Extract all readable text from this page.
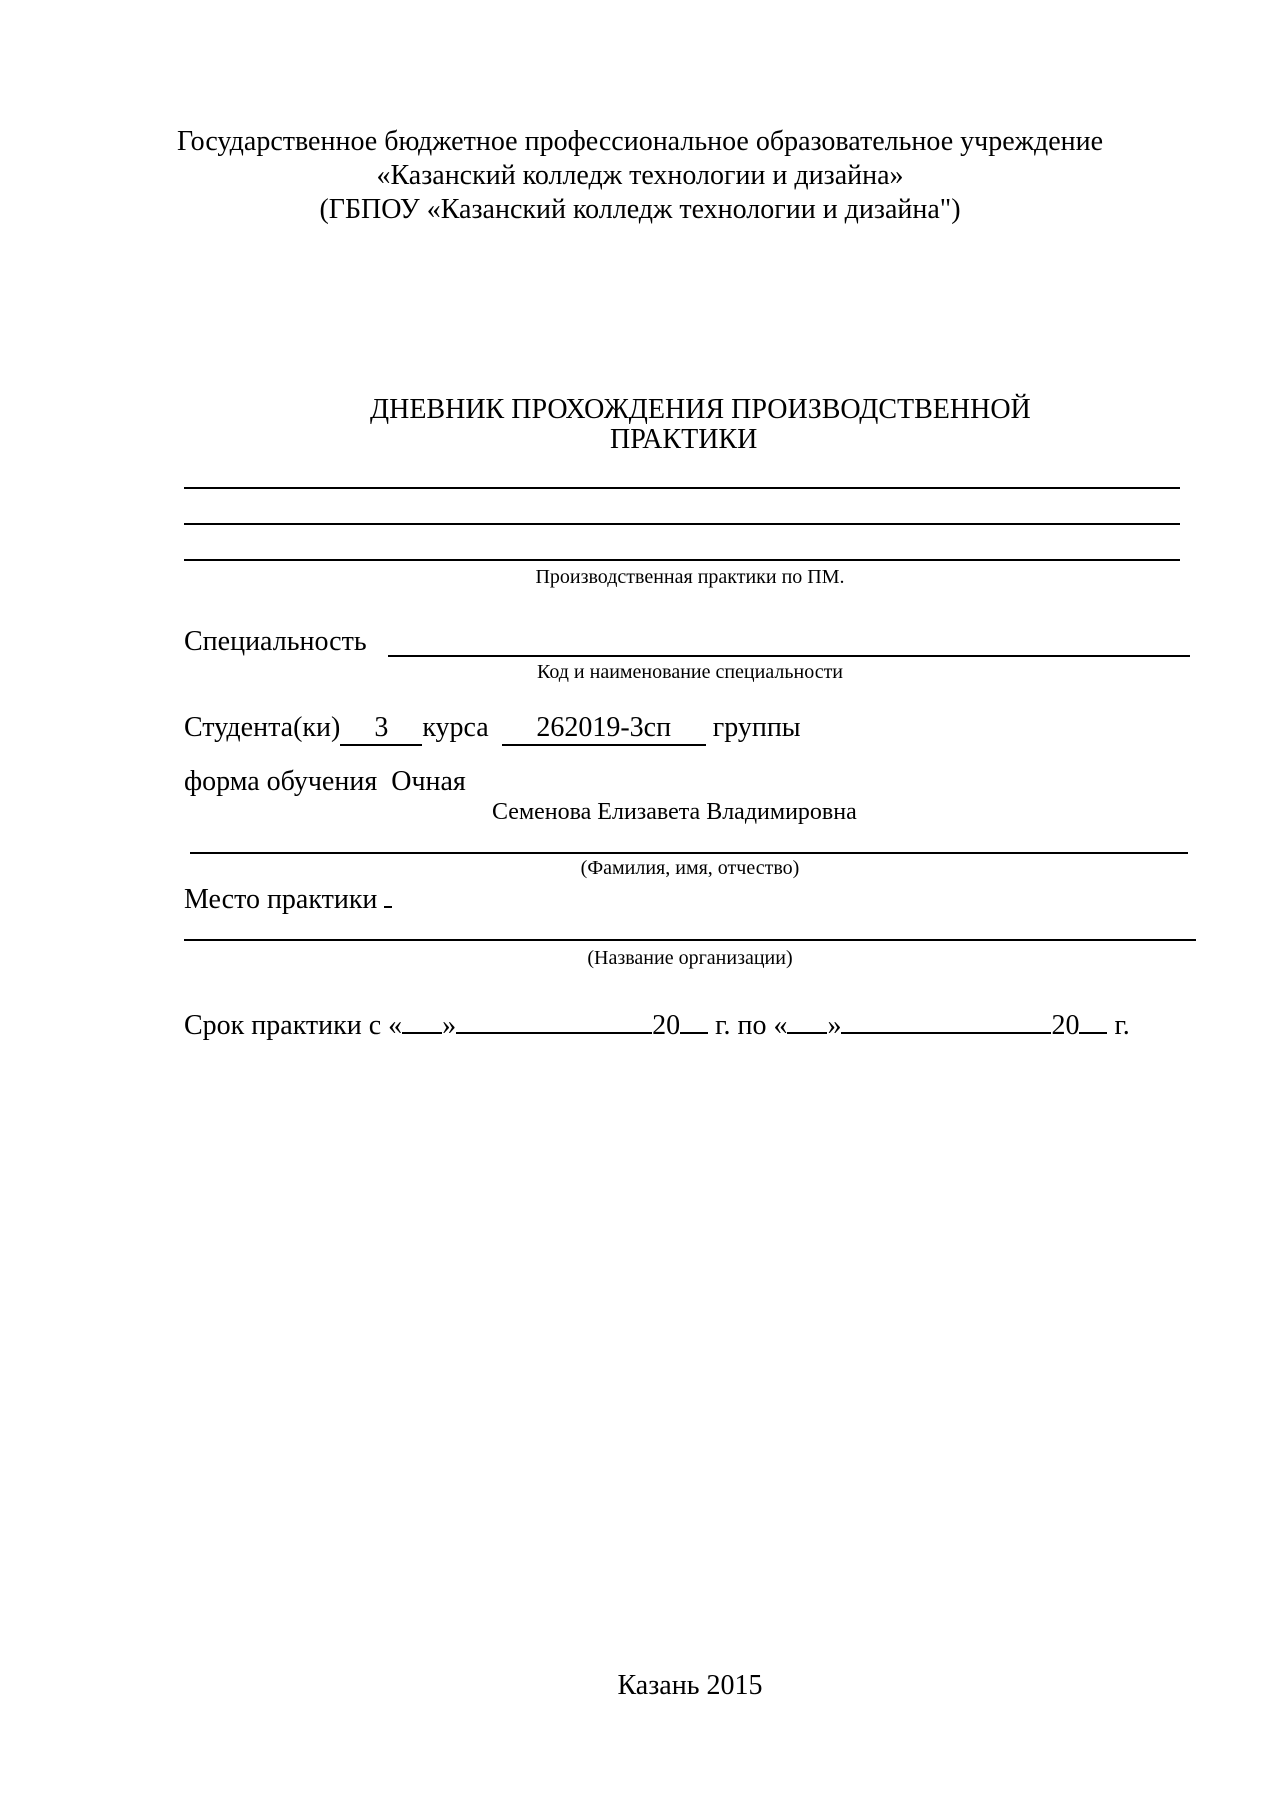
Государственное бюджетное профессиональное образовательное учреждение
«Казанский колледж технологии и дизайна»
(ГБПОУ «Казанский колледж технологии и дизайна")
ДНЕВНИК ПРОХОЖДЕНИЯ ПРОИЗВОДСТВЕННОЙ
ПРАКТИКИ
Производственная практики по ПМ.
Специальность
Код и наименование специальности
Студента(ки) 3 курса 262019-3сп группы
форма обучения Очная
Семенова Елизавета Владимировна
(Фамилия, имя, отчество)
Место практики
(Название организации)
Срок практики с « »	20 г. по « »	20 г.
Казань 2015
